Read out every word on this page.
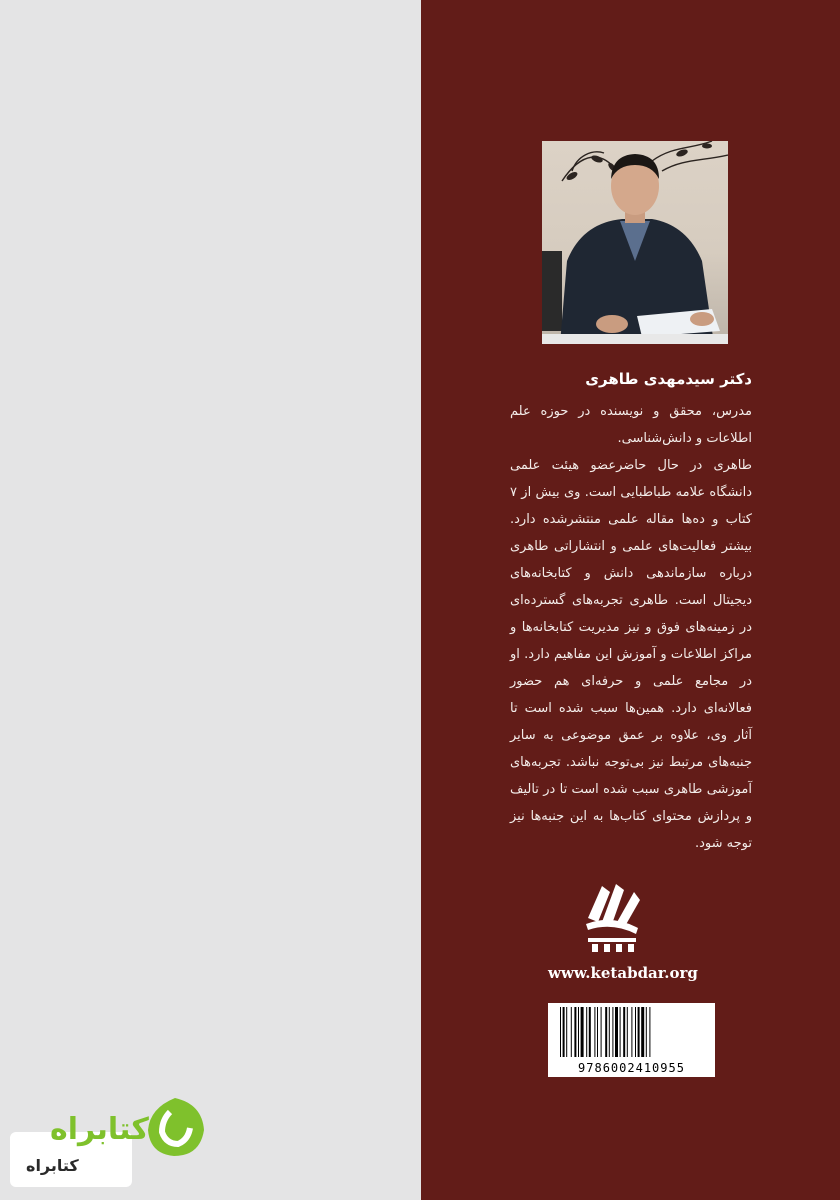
دکتر سیدمهدی طاهری

مدرس، محقق و نویسنده در حوزه علم اطلاعات و دانش‌شناسی.

طاهری در حال حاضرعضو هیئت علمی دانشگاه علامه طباطبایی است. وی بیش از ۷ کتاب و ده‌ها مقاله علمی منتشرشده دارد. بیشتر فعالیت‌های علمی و انتشاراتی طاهری درباره سازماندهی دانش و کتابخانه‌های دیجیتال است. طاهری تجربه‌های گسترده‌ای در زمینه‌های فوق و نیز مدیریت کتابخانه‌ها و مراکز اطلاعات و آموزش این مفاهیم دارد. او در مجامع علمی و حرفه‌ای هم حضور فعالانه‌ای دارد. همین‌ها سبب شده است تا آثار وی، علاوه بر عمق موضوعی به سایر جنبه‌های مرتبط نیز بی‌توجه نباشد. تجربه‌های آموزشی طاهری سبب شده است تا در تالیف و پردازش محتوای کتاب‌ها به این جنبه‌ها نیز توجه شود.

www.ketabdar.org
9786002410955
کتابراه
کتابراه
